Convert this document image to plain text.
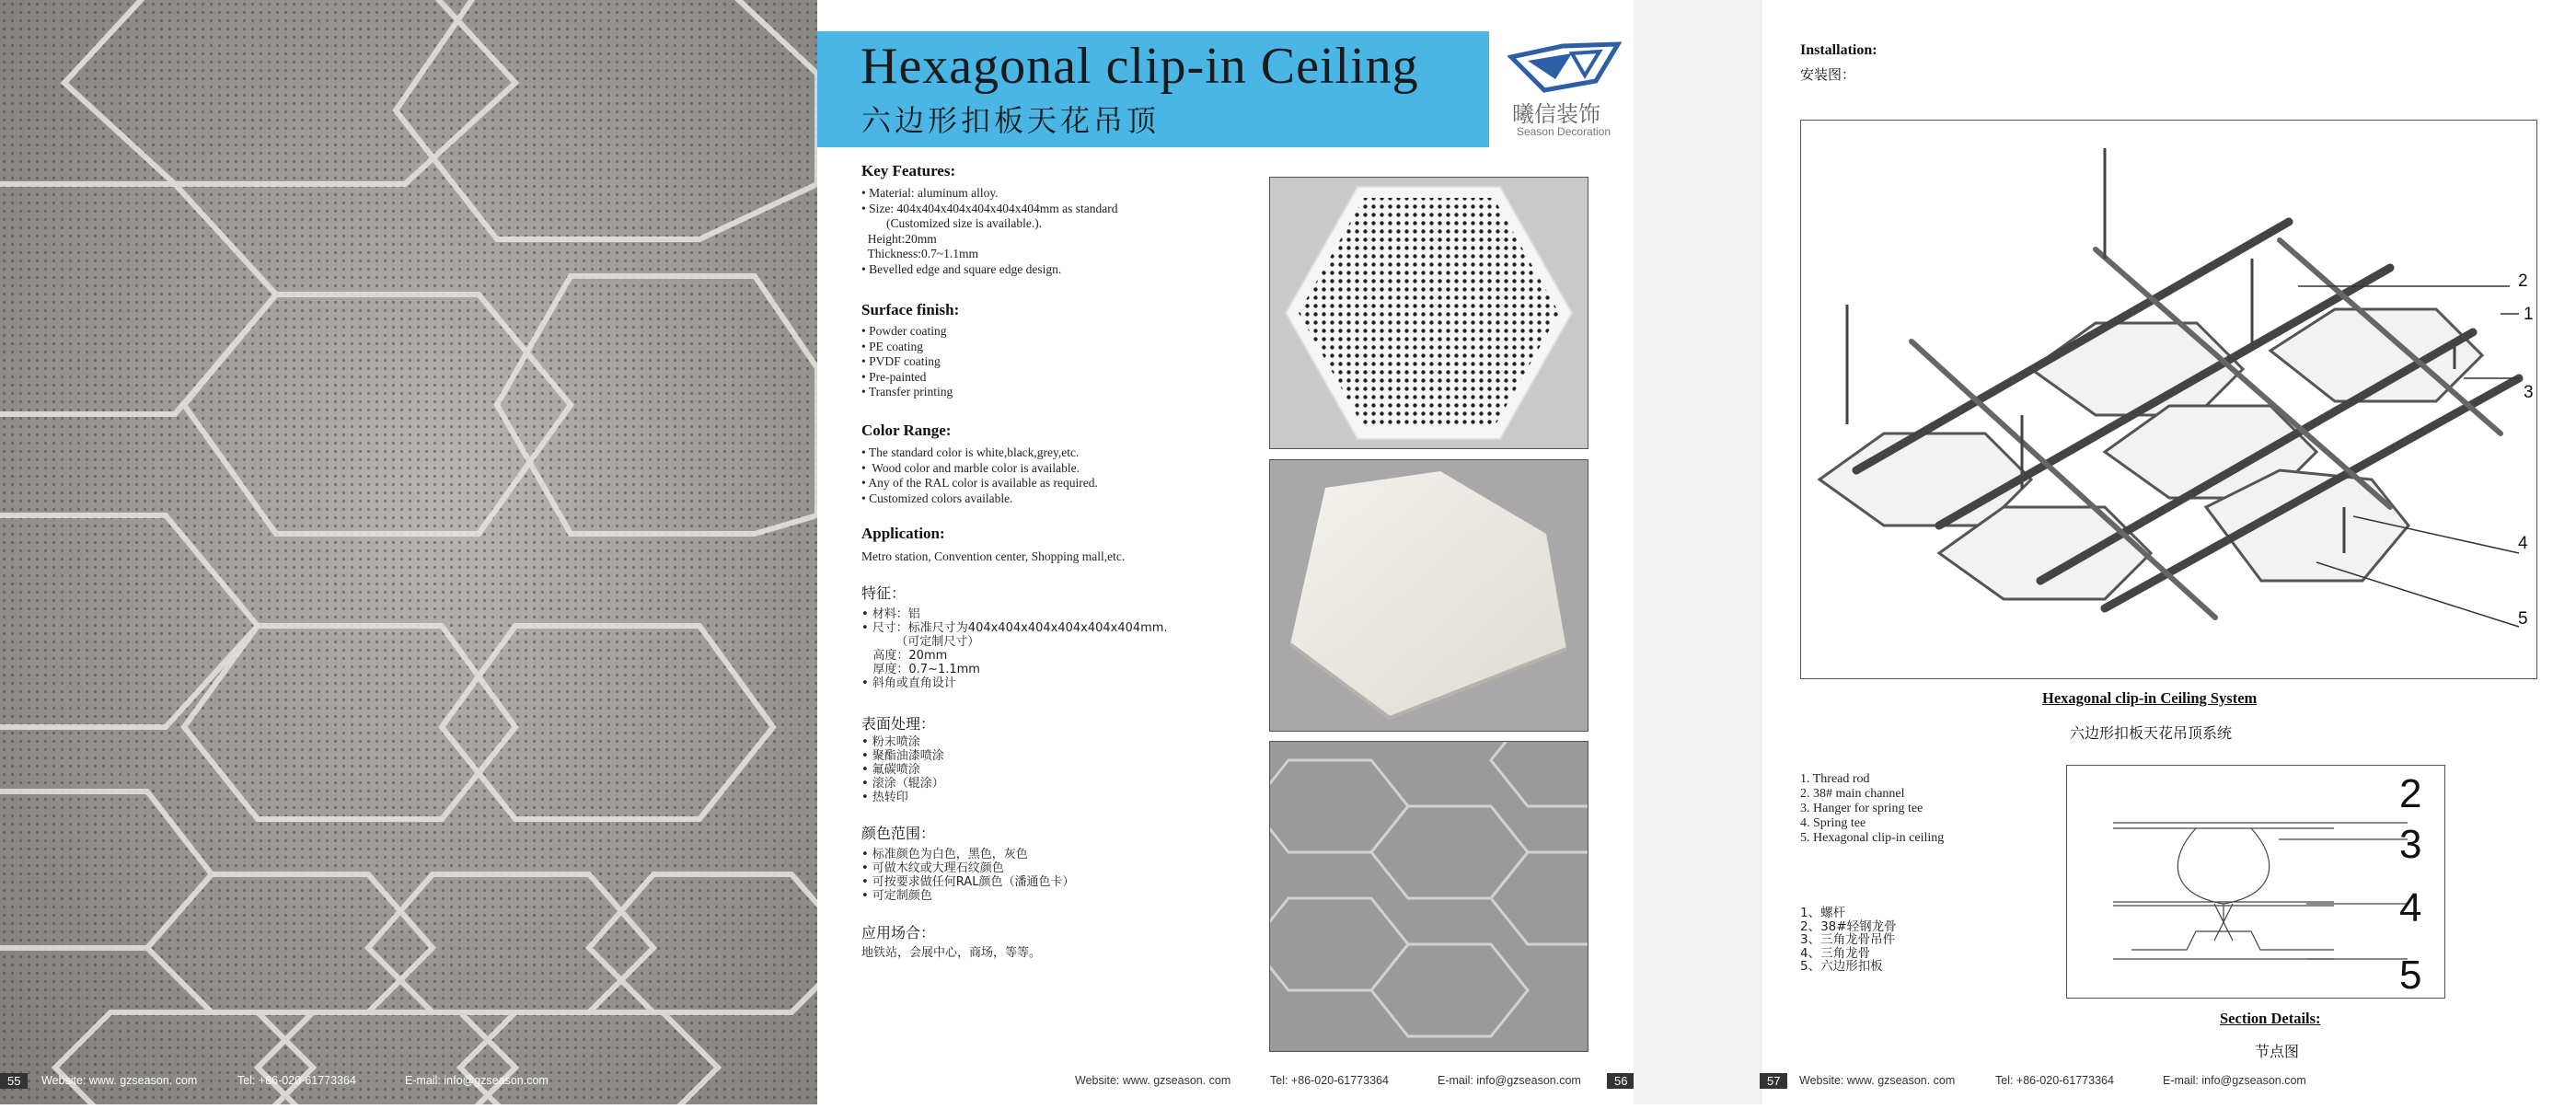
55	Website: www. gzseason. com	Tel: +86-020-61773364	E-mail: info@gzseason.com
Hexagonal clip-in Ceiling
六边形扣板天花吊顶	曦信装饰
Season Decoration
Key Features:
• Material: aluminum alloy.
• Size: 404x404x404x404x404x404mm as standard
(Customized size is available.).
Height:20mm
Thickness:0.7~1.1mm
• Bevelled edge and square edge design.
Surface finish:
• Powder coating
• PE coating
• PVDF coating
• Pre-painted
• Transfer printing
Color Range:
• The standard color is white,black,grey,etc.
•  Wood color and marble color is available.
• Any of the RAL color is available as required.
• Customized colors available.
Application:
Metro station, Convention center, Shopping mall,etc.
特征：
• 材料：铝
• 尺寸：标准尺寸为404x404x404x404x404x404mm.
（可定制尺寸）
高度：20mm
厚度：0.7~1.1mm
• 斜角或直角设计
表面处理：
• 粉末喷涂
• 聚酯油漆喷涂
• 氟碳喷涂
• 滚涂（辊涂）
• 热转印
颜色范围：
• 标准颜色为白色，黑色，灰色
• 可做木纹或大理石纹颜色
• 可按要求做任何RAL颜色（潘通色卡）
• 可定制颜色
应用场合：
地铁站，会展中心，商场，等等。
Website: www. gzseason. com	Tel: +86-020-61773364	E-mail: info@gzseason.com	56
Installation:
安装图：
2
1
3
4
5
Hexagonal clip-in Ceiling System
六边形扣板天花吊顶系统
1. Thread rod
2. 38# main channel
3. Hanger for spring tee
4. Spring tee
5. Hexagonal clip-in ceiling
1、螺杆
2、38#轻钢龙骨
3、三角龙骨吊件
4、三角龙骨
5、六边形扣板
2
3
4
5
Section Details:
节点图
57	Website: www. gzseason. com	Tel: +86-020-61773364	E-mail: info@gzseason.com
